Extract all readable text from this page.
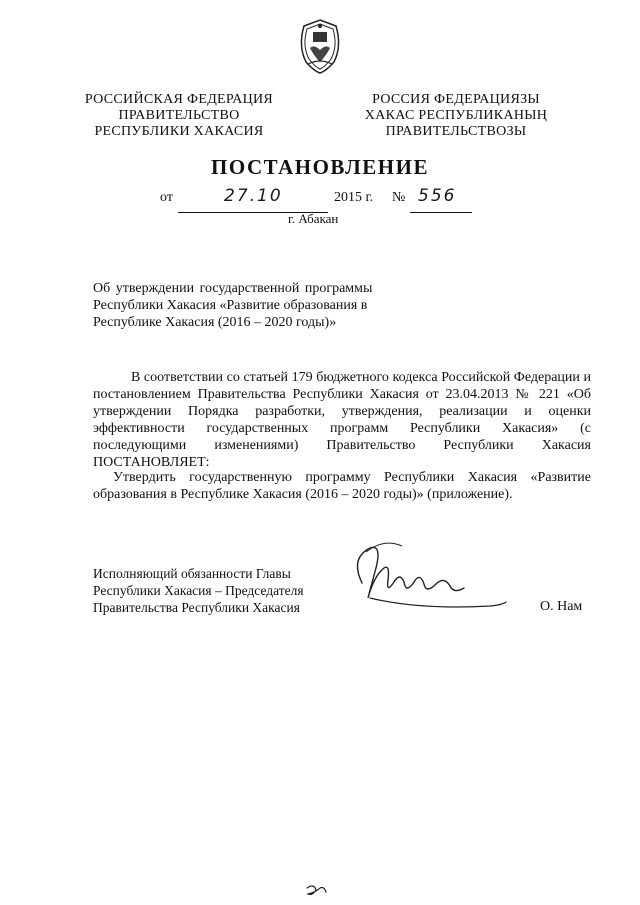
РОССИЙСКАЯ ФЕДЕРАЦИЯ
ПРАВИТЕЛЬСТВО
РЕСПУБЛИКИ ХАКАСИЯ
РОССИЯ ФЕДЕРАЦИЯЗЫ
ХАКАС РЕСПУБЛИКАНЫҢ
ПРАВИТЕЛЬСТВОЗЫ
ПОСТАНОВЛЕНИЕ
от	27.10	2015 г. № 556
г. Абакан
Об утверждении государственной программы
Республики Хакасия «Развитие образования в
Республике Хакасия (2016 – 2020 годы)»
В соответствии со статьей 179 бюджетного кодекса Российской Федерации и постановлением Правительства Республики Хакасия от 23.04.2013 № 221 «Об утверждении Порядка разработки, утверждения, реализации и оценки эффективности государственных программ Республики Хакасия» (с последующими изменениями) Правительство Республики Хакасия ПОСТАНОВЛЯЕТ:
Утвердить государственную программу Республики Хакасия «Развитие образования в Республике Хакасия (2016 – 2020 годы)» (приложение).
Исполняющий обязанности Главы
Республики Хакасия – Председателя
Правительства Республики Хакасия	О. Нам
